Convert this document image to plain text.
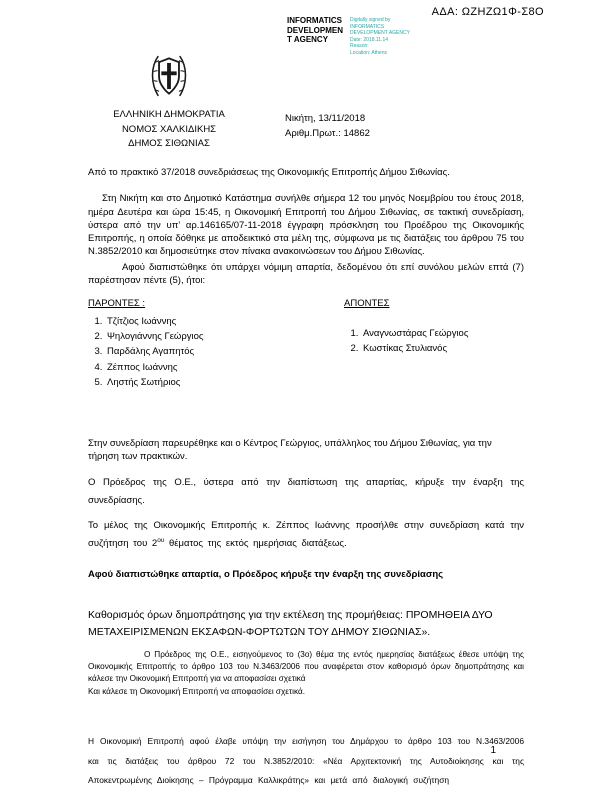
ΑΔΑ: ΩΖΗΖΩ1Φ-Σ8Ο
INFORMATICS
DEVELOPMEN
T AGENCY
Digitally signed by
INFORMATICS
DEVELOPMENT AGENCY
Date: 2018.11.14
Reason:
Location: Athens
ΕΛΛΗΝΙΚΗ ΔΗΜΟΚΡΑΤΙΑ
ΝΟΜΟΣ ΧΑΛΚΙΔΙΚΗΣ
ΔΗΜΟΣ ΣΙΘΩΝΙΑΣ
Νικήτη, 13/11/2018
Αριθμ.Πρωτ.: 14862

Από το πρακτικό 37/2018 συνεδριάσεως της Οικονομικής Επιτροπής Δήμου Σιθωνίας.

Στη Νικήτη και στο Δημοτικό Κατάστημα συνήλθε σήμερα 12 του μηνός Νοεμβρίου του έτους 2018, ημέρα Δευτέρα και ώρα 15:45, η Οικονομική Επιτροπή του Δήμου Σιθωνίας, σε τακτική συνεδρίαση, ύστερα από την υπ’ αρ.146165/07-11-2018 έγγραφη πρόσκληση του Προέδρου της Οικονομικής Επιτροπής, η οποία δόθηκε με αποδεικτικό στα μέλη της, σύμφωνα με τις διατάξεις του άρθρου 75 του Ν.3852/2010 και δημοσιεύτηκε στον πίνακα ανακοινώσεων του Δήμου Σιθωνίας.

Αφού διαπιστώθηκε ότι υπάρχει νόμιμη απαρτία, δεδομένου ότι επί συνόλου μελών επτά (7) παρέστησαν πέντε (5), ήτοι:

ΠΑΡΟΝΤΕΣ :
1. Τζίτζιος Ιωάννης
2. Ψηλογιάννης Γεώργιος
3. Παρδάλης Αγαπητός
4. Ζέππος Ιωάννης
5. Ληστής Σωτήριος
ΑΠΟΝΤΕΣ
1. Αναγνωστάρας Γεώργιος
2. Κωστίκας Στυλιανός

Στην συνεδρίαση παρευρέθηκε και ο Κέντρος Γεώργιος, υπάλληλος του Δήμου Σιθωνίας, για την τήρηση των πρακτικών.

Ο Πρόεδρος της Ο.Ε., ύστερα από την διαπίστωση της απαρτίας, κήρυξε την έναρξη της συνεδρίασης.

Το μέλος της Οικονομικής Επιτροπής κ. Ζέππος Ιωάννης προσήλθε στην συνεδρίαση κατά την συζήτηση του $2^{o\upsilon}$ θέματος της εκτός ημερήσιας διατάξεως.

Αφού διαπιστώθηκε απαρτία, ο Πρόεδρος κήρυξε την έναρξη της συνεδρίασης

Καθορισμός όρων δημοπράτησης για την εκτέλεση της προμήθειας: ΠΡΟΜΗΘΕΙΑ ΔΥΟ ΜΕΤΑΧΕΙΡΙΣΜΕΝΩΝ ΕΚΣΑΦΩΝ-ΦΟΡΤΩΤΩΝ ΤΟΥ ΔΗΜΟΥ ΣΙΘΩΝΙΑΣ».

Ο Πρόεδρος της Ο.Ε., εισηγούμενος το (3ο) θέμα της εντός ημερησίας διατάξεως έθεσε υπόψη της Οικονομικής Επιτροπής το άρθρο 103 του Ν.3463/2006 που αναφέρεται στον καθορισμό όρων δημοπράτησης και κάλεσε την Οικονομική Επιτροπή για να αποφασίσει σχετικά

Και κάλεσε τη Οικονομική Επιτροπή να αποφασίσει σχετικά.

Η Οικονομική Επιτροπή αφού έλαβε υπόψη την εισήγηση του Δημάρχου το άρθρο 103 του Ν.3463/2006 και τις διατάξεις του άρθρου 72 του Ν.3852/2010: «Νέα Αρχιτεκτονική της Αυτοδιοίκησης και της Αποκεντρωμένης Διοίκησης – Πρόγραμμα Καλλικράτης» και μετά από διαλογική συζήτηση

1
